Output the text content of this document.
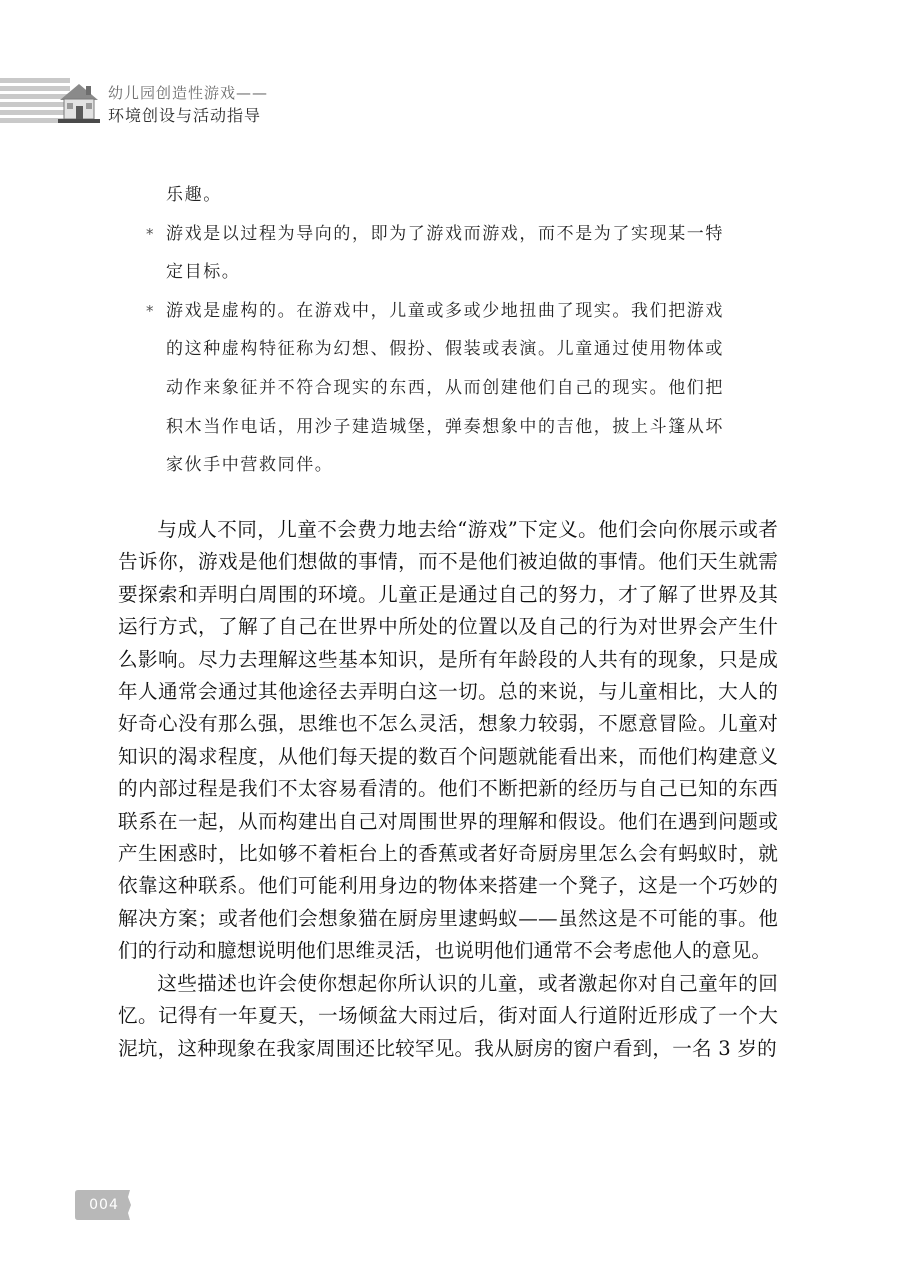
幼儿园创造性游戏——
环境创设与活动指导
乐趣。
* 游戏是以过程为导向的，即为了游戏而游戏，而不是为了实现某一特
定目标。
* 游戏是虚构的。在游戏中，儿童或多或少地扭曲了现实。我们把游戏
的这种虚构特征称为幻想、假扮、假装或表演。儿童通过使用物体或
动作来象征并不符合现实的东西，从而创建他们自己的现实。他们把
积木当作电话，用沙子建造城堡，弹奏想象中的吉他，披上斗篷从坏
家伙手中营救同伴。

与成人不同，儿童不会费力地去给“游戏”下定义。他们会向你展示或者告诉你，游戏是他们想做的事情，而不是他们被迫做的事情。他们天生就需要探索和弄明白周围的环境。儿童正是通过自己的努力，才了解了世界及其运行方式，了解了自己在世界中所处的位置以及自己的行为对世界会产生什么影响。尽力去理解这些基本知识，是所有年龄段的人共有的现象，只是成年人通常会通过其他途径去弄明白这一切。总的来说，与儿童相比，大人的好奇心没有那么强，思维也不怎么灵活，想象力较弱，不愿意冒险。儿童对知识的渴求程度，从他们每天提的数百个问题就能看出来，而他们构建意义的内部过程是我们不太容易看清的。他们不断把新的经历与自己已知的东西联系在一起，从而构建出自己对周围世界的理解和假设。他们在遇到问题或产生困惑时，比如够不着柜台上的香蕉或者好奇厨房里怎么会有蚂蚁时，就依靠这种联系。他们可能利用身边的物体来搭建一个凳子，这是一个巧妙的解决方案；或者他们会想象猫在厨房里逮蚂蚁——虽然这是不可能的事。他们的行动和臆想说明他们思维灵活，也说明他们通常不会考虑他人的意见。

这些描述也许会使你想起你所认识的儿童，或者激起你对自己童年的回忆。记得有一年夏天，一场倾盆大雨过后，街对面人行道附近形成了一个大泥坑，这种现象在我家周围还比较罕见。我从厨房的窗户看到，一名 3 岁的

004
